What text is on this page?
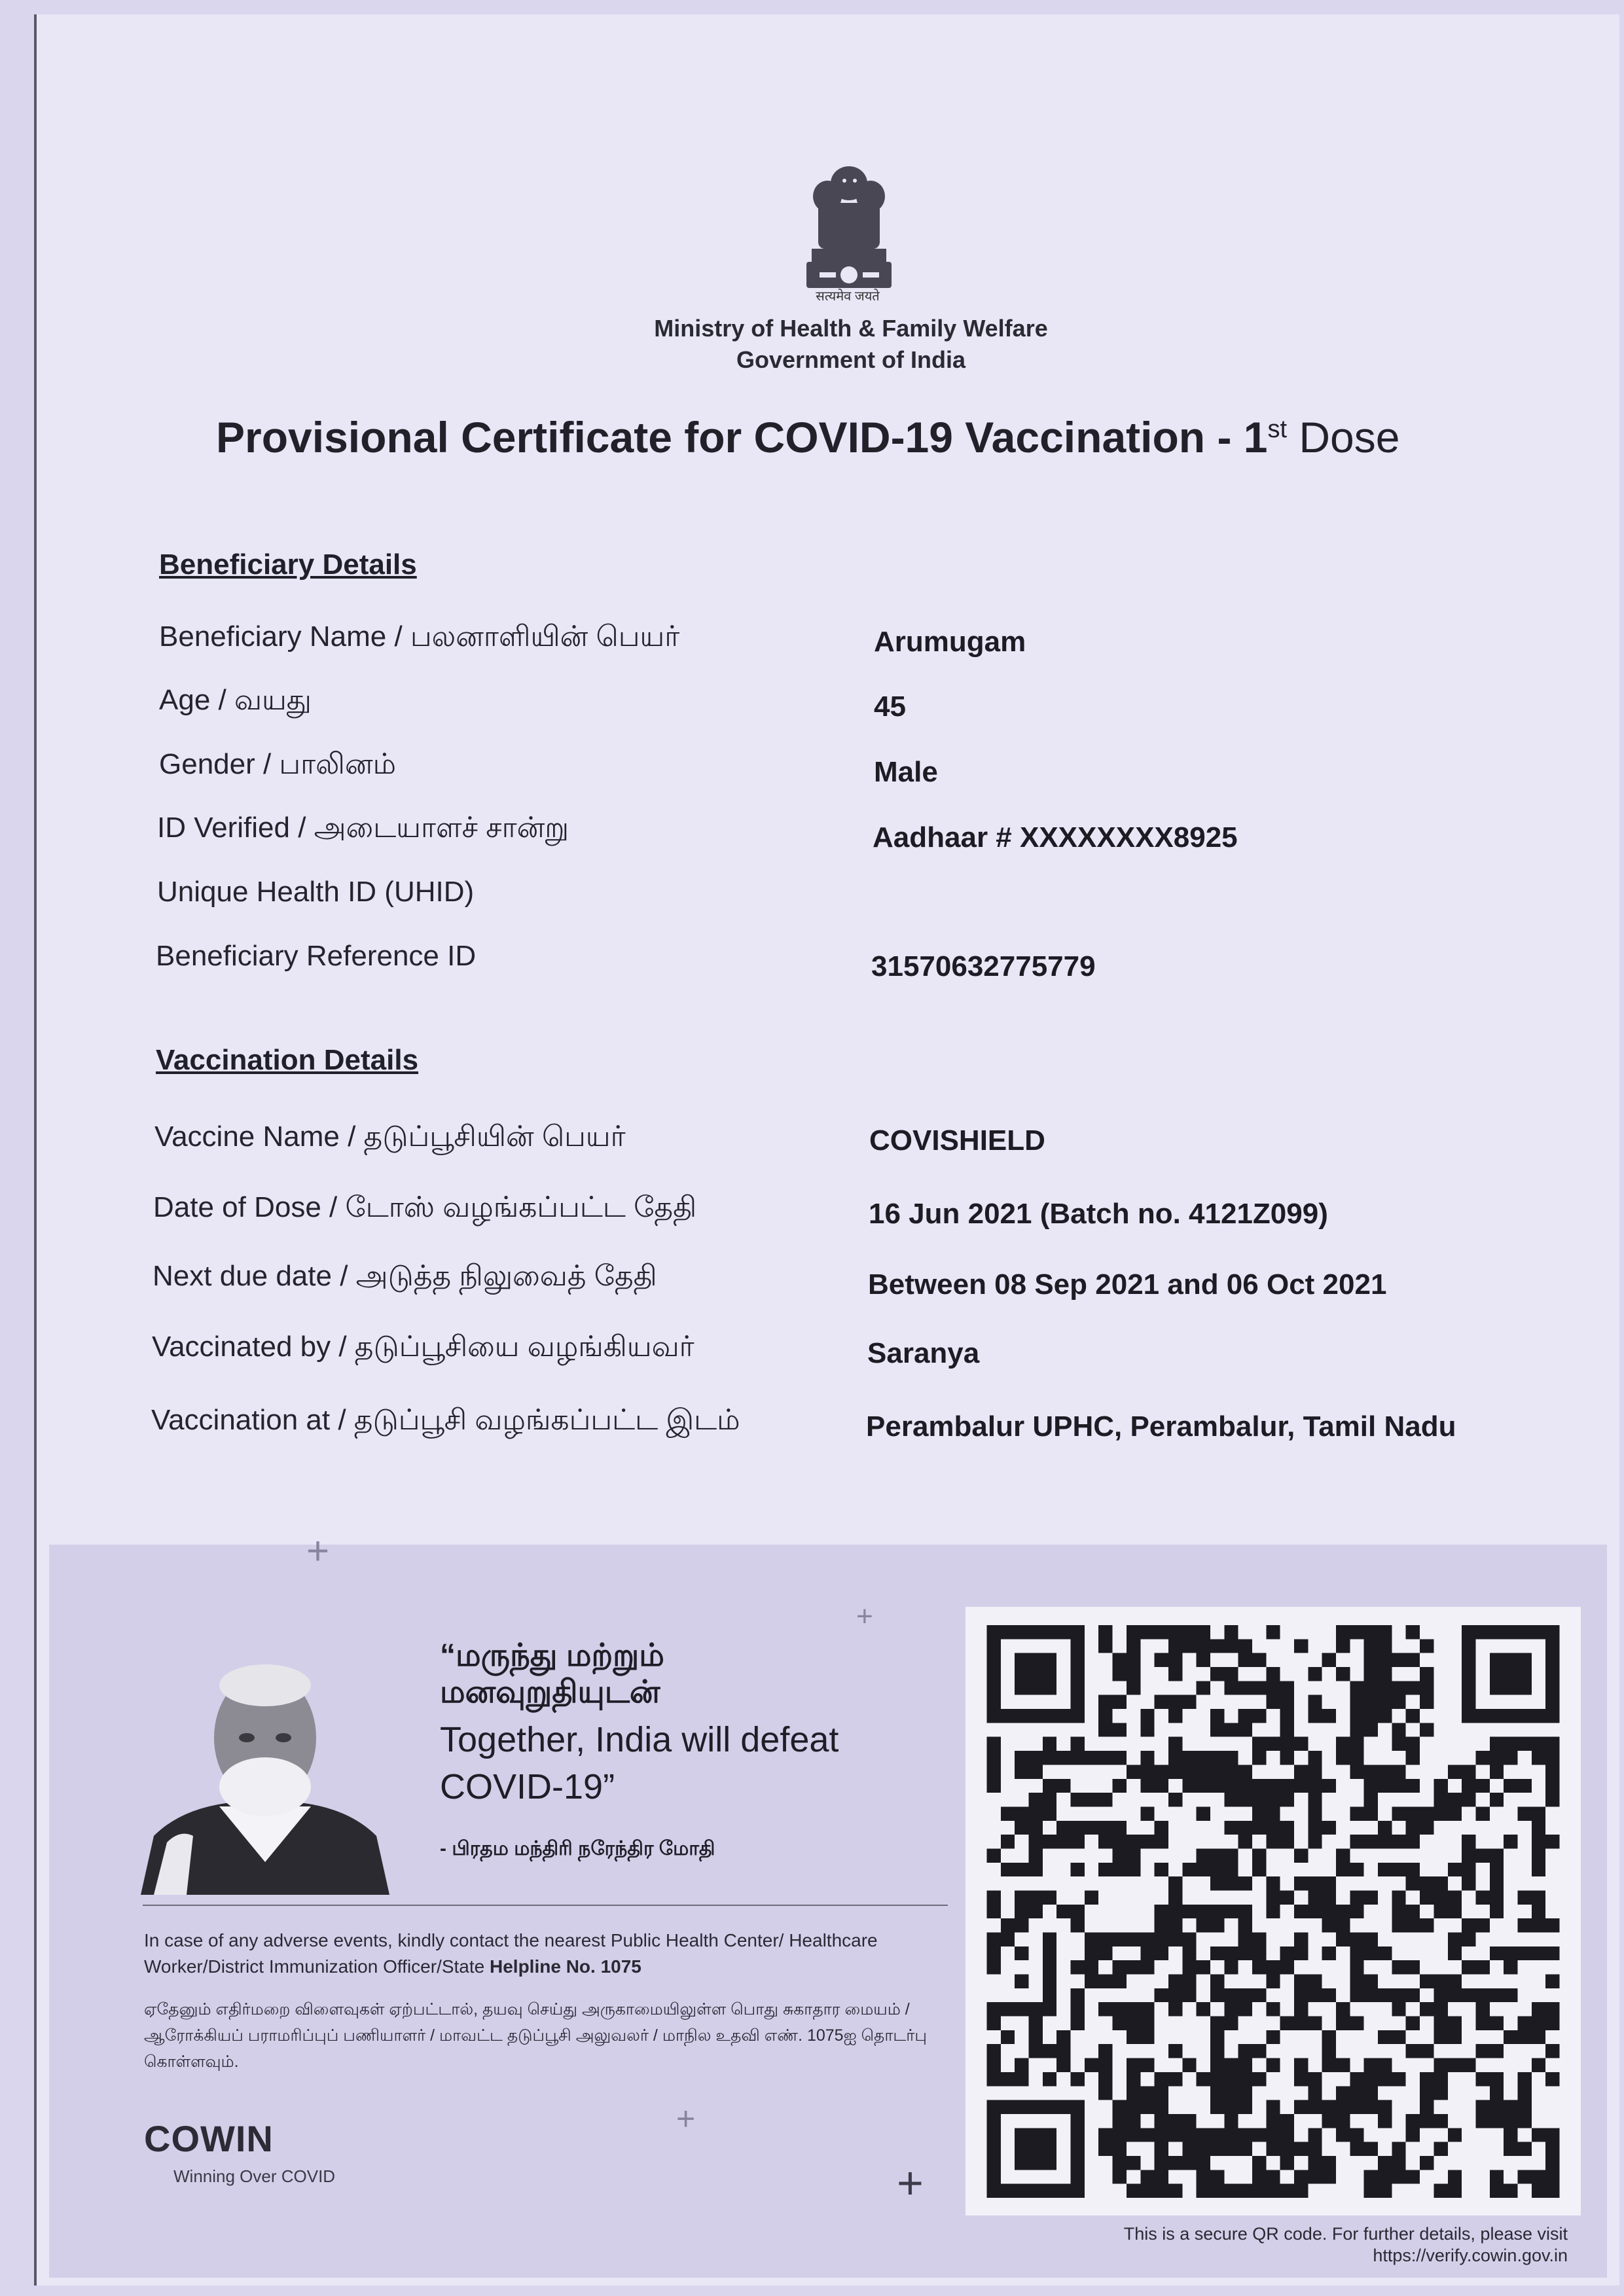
सत्यमेव जयते
Ministry of Health & Family Welfare
Government of India
Provisional Certificate for COVID-19 Vaccination - 1st Dose
Beneficiary Details
Beneficiary Name / பலனாளியின் பெயர்	Arumugam
Age / வயது	45
Gender / பாலினம்	Male
ID Verified / அடையாளச் சான்று	Aadhaar # XXXXXXXX8925
Unique Health ID (UHID)
Beneficiary Reference ID	31570632775779
Vaccination Details
Vaccine Name / தடுப்பூசியின் பெயர்	COVISHIELD
Date of Dose / டோஸ் வழங்கப்பட்ட தேதி	16 Jun 2021 (Batch no. 4121Z099)
Next due date / அடுத்த நிலுவைத் தேதி	Between 08 Sep 2021 and 06 Oct 2021
Vaccinated by / தடுப்பூசியை வழங்கியவர்	Saranya
Vaccination at / தடுப்பூசி வழங்கப்பட்ட இடம்	Perambalur UPHC, Perambalur, Tamil Nadu
+
+
+
+
“மருந்து மற்றும்
மனவுறுதியுடன்
Together, India will defeat
COVID-19”
- பிரதம மந்திரி நரேந்திர மோதி
In case of any adverse events, kindly contact the nearest Public Health Center/ Healthcare Worker/District Immunization Officer/State Helpline No. 1075
ஏதேனும் எதிர்மறை விளைவுகள் ஏற்பட்டால், தயவு செய்து அருகாமையிலுள்ள பொது சுகாதார மையம் / ஆரோக்கியப் பராமரிப்புப் பணியாளர் / மாவட்ட தடுப்பூசி அலுவலர் / மாநில உதவி எண். 1075ஐ தொடர்பு கொள்ளவும்.
COWIN
Winning Over COVID
This is a secure QR code. For further details, please visit
https://verify.cowin.gov.in
